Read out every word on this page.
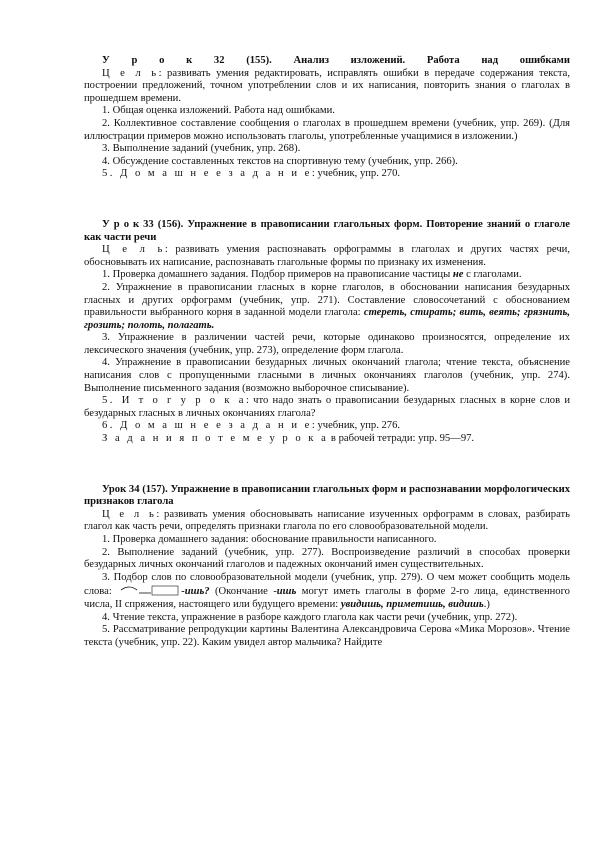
У р о к 32 (155). Анализ изложений. Работа над ошибками

Ц е л ь: развивать умения редактировать, исправлять ошибки в передаче содержания текста, построении предложений, точном употреблении слов и их написания, повторить знания о глаголах в прошедшем времени.

1. Общая оценка изложений. Работа над ошибками.

2. Коллективное составление сообщения о глаголах в прошедшем времени (учебник, упр. 269). (Для иллюстрации примеров можно использовать глаголы, употребленные учащимися в изложении.)

3. Выполнение заданий (учебник, упр. 268).

4. Обсуждение составленных текстов на спортивную тему (учебник, упр. 266).

5. Д о м а ш н е е з а д а н и е: учебник, упр. 270.

У р о к 33 (156). Упражнение в правописании глагольных форм. Повторение знаний о глаголе как части речи

Ц е л ь: развивать умения распознавать орфограммы в глаголах и других частях речи, обосновывать их написание, распознавать глагольные формы по признаку их изменения.

1. Проверка домашнего задания. Подбор примеров на правописание частицы не с глаголами.

2. Упражнение в правописании гласных в корне глаголов, в обосновании написания безударных гласных и других орфограмм (учебник, упр. 271). Составление словосочетаний с обоснованием правильности выбранного корня в заданной модели глагола: стереть, стирать; вить, веять; грязнить, грозить; полоть, полагать.

3. Упражнение в различении частей речи, которые одинаково произносятся, определение их лексического значения (учебник, упр. 273), определение форм глагола.

4. Упражнение в правописании безударных личных окончаний глагола; чтение текста, объяснение написания слов с пропущенными гласными в личных окончаниях глаголов (учебник, упр. 274). Выполнение письменного задания (возможно выборочное списывание).

5. И т о г у р о к а: что надо знать о правописании безударных гласных в корне слов и безударных гласных в личных окончаниях глагола?

6. Д о м а ш н е е з а д а н и е: учебник, упр. 276.

З а д а н и я п о т е м е у р о к а в рабочей тетради: упр. 95—97.

Урок 34 (157). Упражнение в правописании глагольных форм и распознавании морфологических признаков глагола

Ц е л ь: развивать умения обосновывать написание изученных орфограмм в словах, разбирать глагол как часть речи, определять признаки глагола по его словообразовательной модели.

1. Проверка домашнего задания: обоснование правильности написанного.

2. Выполнение заданий (учебник, упр. 277). Воспроизведение различий в способах проверки безударных личных окончаний глаголов и падежных окончаний имен существительных.

3. Подбор слов по словообразовательной модели (учебник, упр. 279). О чем может сообщить модель слова:	-ишь? (Окончание -ишь могут иметь глаголы в форме 2-го лица, единственного числа, II спряжения, настоящего или будущего времени: увидишь, приметишь, видишь.)

4. Чтение текста, упражнение в разборе каждого глагола как части речи (учебник, упр. 272).

5. Рассматривание репродукции картины Валентина Александровича Серова «Мика Морозов». Чтение текста (учебник, упр. 22). Каким увидел автор мальчика? Найдите
